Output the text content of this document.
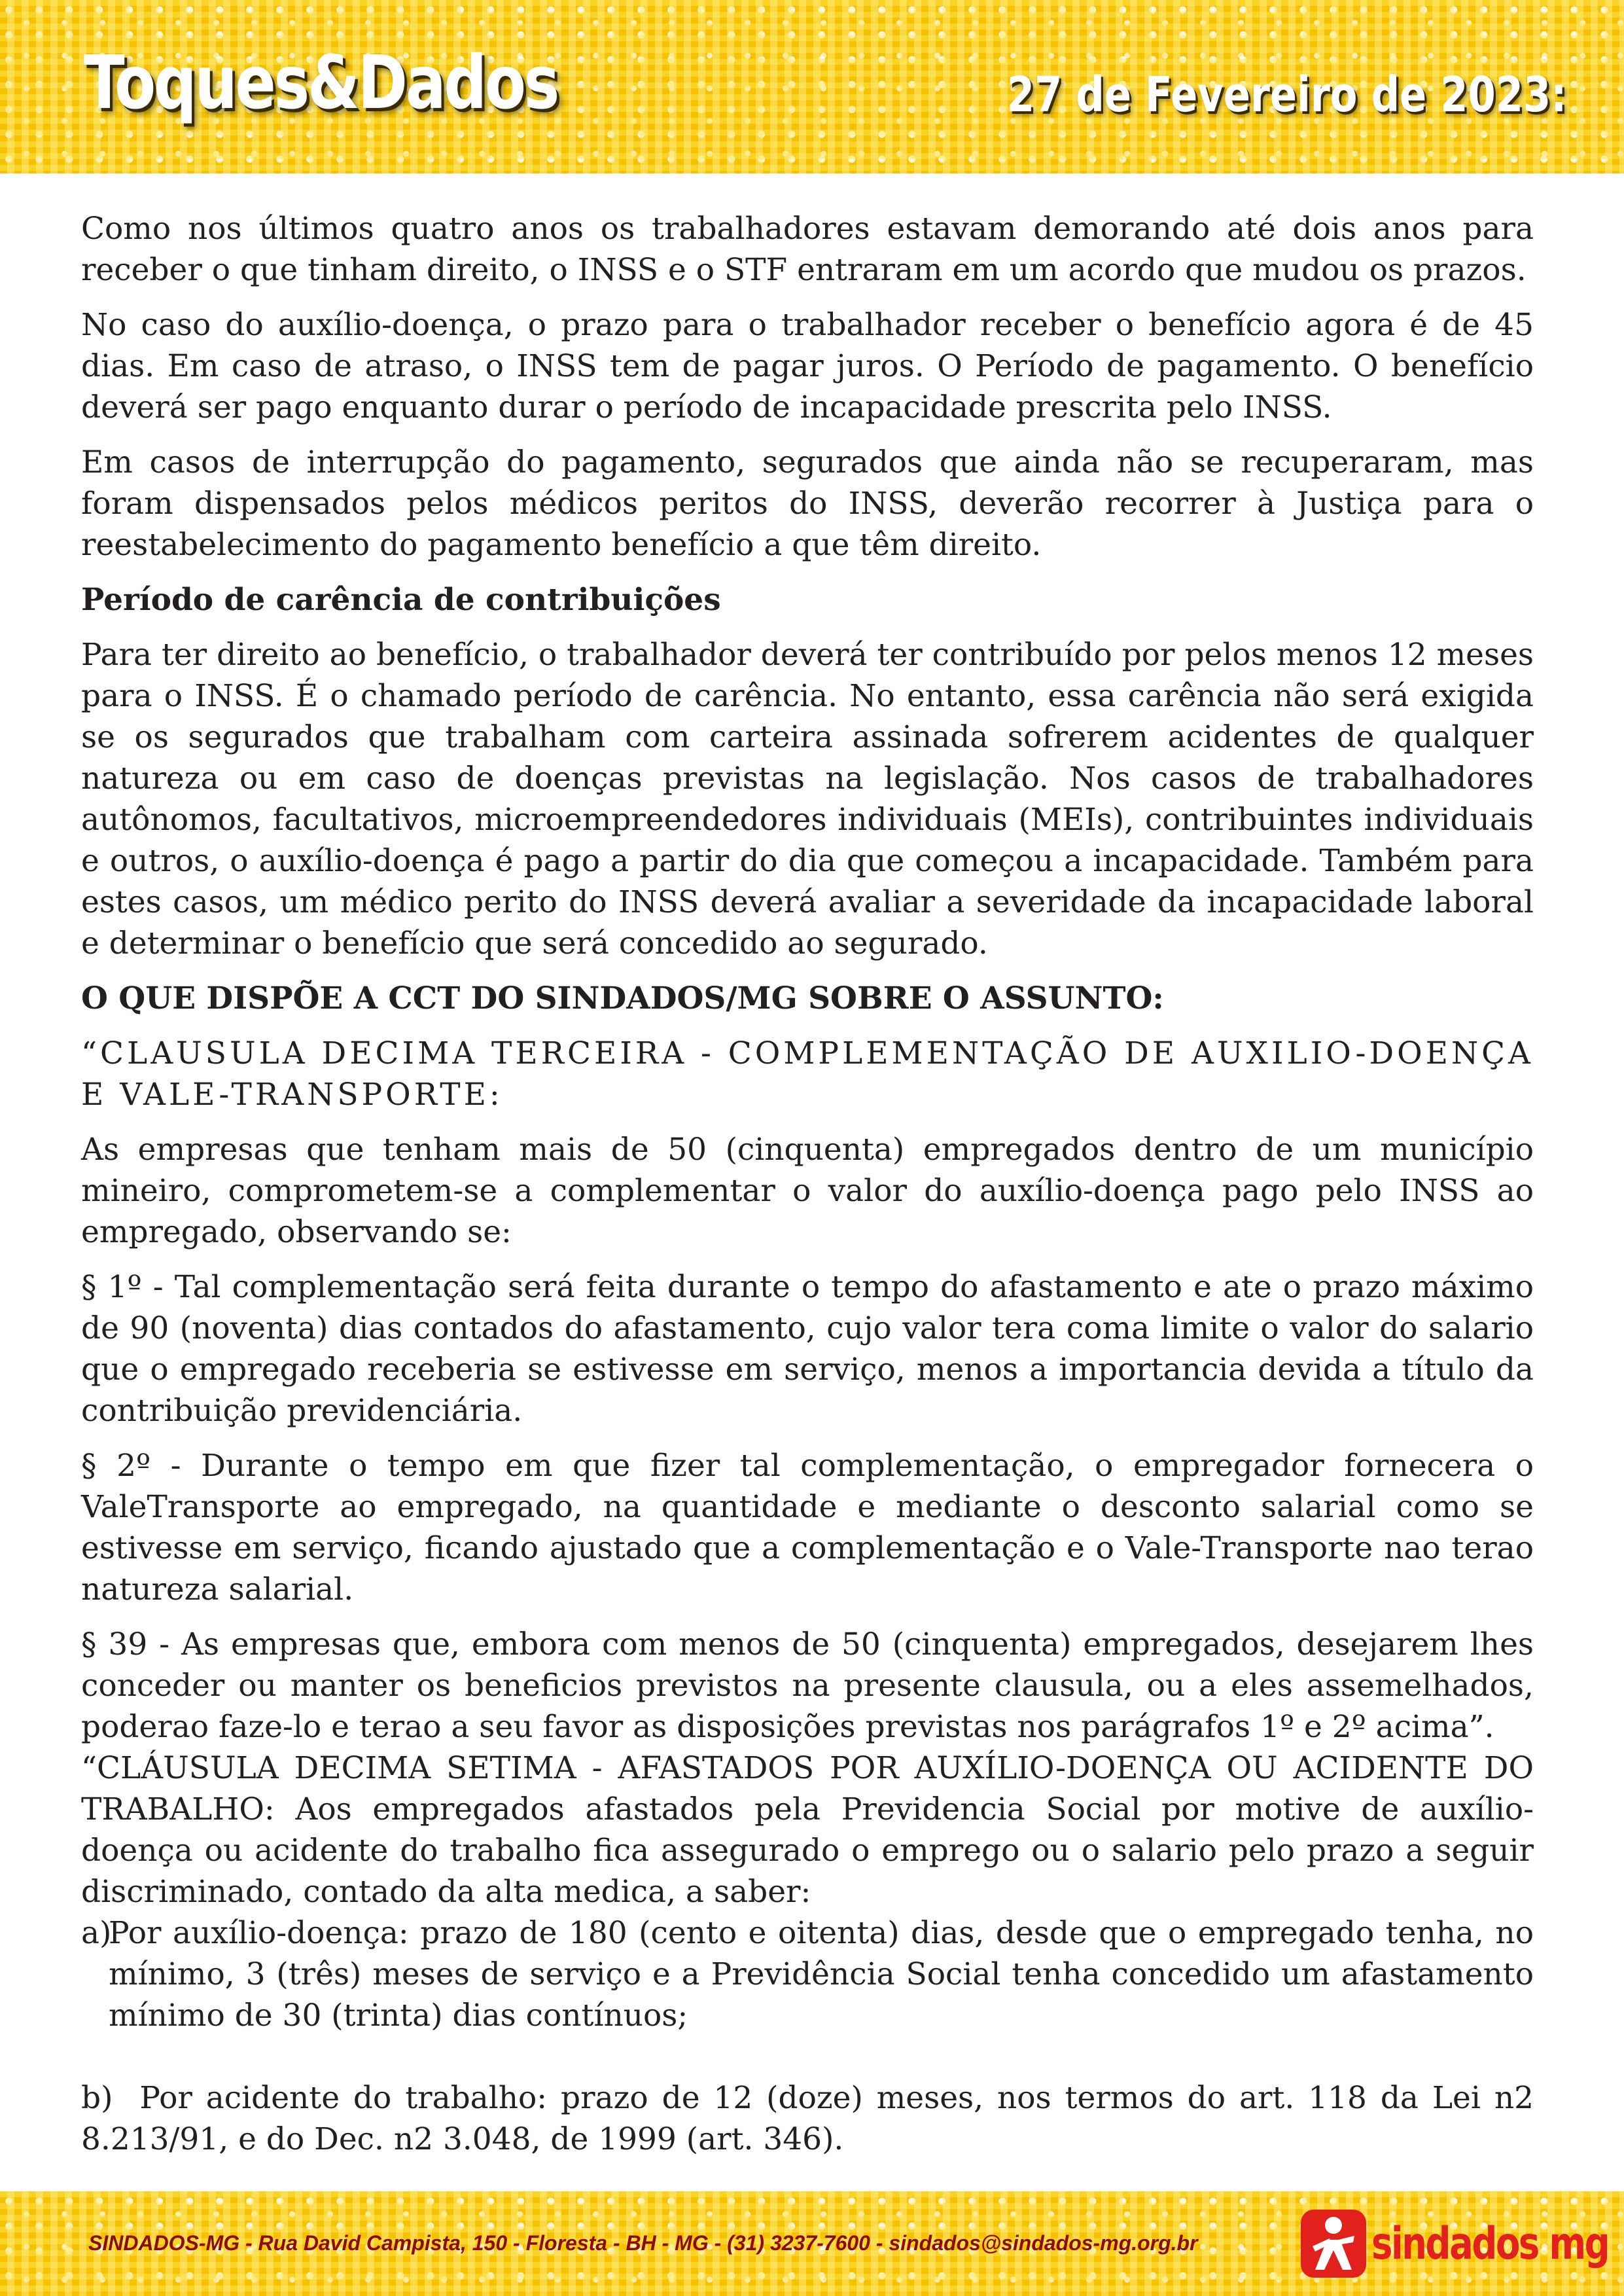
Toques&Dados	27 de Fevereiro de 2023:

Como nos últimos quatro anos os trabalhadores estavam demorando até dois anos para receber o que tinham direito, o INSS e o STF entraram em um acordo que mudou os prazos.

No caso do auxílio-doença, o prazo para o trabalhador receber o benefício agora é de 45 dias. Em caso de atraso, o INSS tem de pagar juros. O Período de pagamento. O benefício deverá ser pago enquanto durar o período de incapacidade prescrita pelo INSS.

Em casos de interrupção do pagamento, segurados que ainda não se recuperaram, mas foram dispensados pelos médicos peritos do INSS, deverão recorrer à Justiça para o reestabelecimento do pagamento benefício a que têm direito.

Período de carência de contribuições

Para ter direito ao benefício, o trabalhador deverá ter contribuído por pelos menos 12 meses para o INSS. É o chamado período de carência. No entanto, essa carência não será exigida se os segurados que trabalham com carteira assinada sofrerem acidentes de qualquer natureza ou em caso de doenças previstas na legislação. Nos casos de trabalhadores autônomos, facultativos, microempreendedores individuais (MEIs), contribuintes individuais e outros, o auxílio-doença é pago a partir do dia que começou a incapacidade. Também para estes casos, um médico perito do INSS deverá avaliar a severidade da incapacidade laboral e determinar o benefício que será concedido ao segurado.

O QUE DISPÕE A CCT DO SINDADOS/MG SOBRE O ASSUNTO:

“CLAUSULA DECIMA TERCEIRA - COMPLEMENTAÇÃO DE AUXILIO-DOENÇA E VALE-TRANSPORTE:

As empresas que tenham mais de 50 (cinquenta) empregados dentro de um município mineiro, comprometem-se a complementar o valor do auxílio-doença pago pelo INSS ao empregado, observando se:

§ 1º - Tal complementação será feita durante o tempo do afastamento e ate o prazo máximo de 90 (noventa) dias contados do afastamento, cujo valor tera coma limite o valor do salario que o empregado receberia se estivesse em serviço, menos a importancia devida a título da contribuição previdenciária.

§ 2º - Durante o tempo em que fizer tal complementação, o empregador fornecera o ValeTransporte ao empregado, na quantidade e mediante o desconto salarial como se estivesse em serviço, ficando ajustado que a complementação e o Vale-Transporte nao terao natureza salarial.

§ 39 - As empresas que, embora com menos de 50 (cinquenta) empregados, desejarem lhes conceder ou manter os beneficios previstos na presente clausula, ou a eles assemelhados, poderao faze-lo e terao a seu favor as disposições previstas nos parágrafos 1º e 2º acima”.

“CLÁUSULA DECIMA SETIMA - AFASTADOS POR AUXÍLIO-DOENÇA OU ACIDENTE DO TRABALHO: Aos empregados afastados pela Previdencia Social por motive de auxílio-doença ou acidente do trabalho fica assegurado o emprego ou o salario pelo prazo a seguir discriminado, contado da alta medica, a saber:

a)
Por auxílio-doença: prazo de 180 (cento e oitenta) dias, desde que o empregado tenha, no mínimo, 3 (três) meses de serviço e a Previdência Social tenha concedido um afastamento mínimo de 30 (trinta) dias contínuos;
b) Por acidente do trabalho: prazo de 12 (doze) meses, nos termos do art. 118 da Lei n2 8.213/91, e do Dec. n2 3.048, de 1999 (art. 346).
SINDADOS-MG - Rua David Campista, 150 - Floresta - BH - MG - (31) 3237-7600 - sindados@sindados-mg.org.br	sindados mg
